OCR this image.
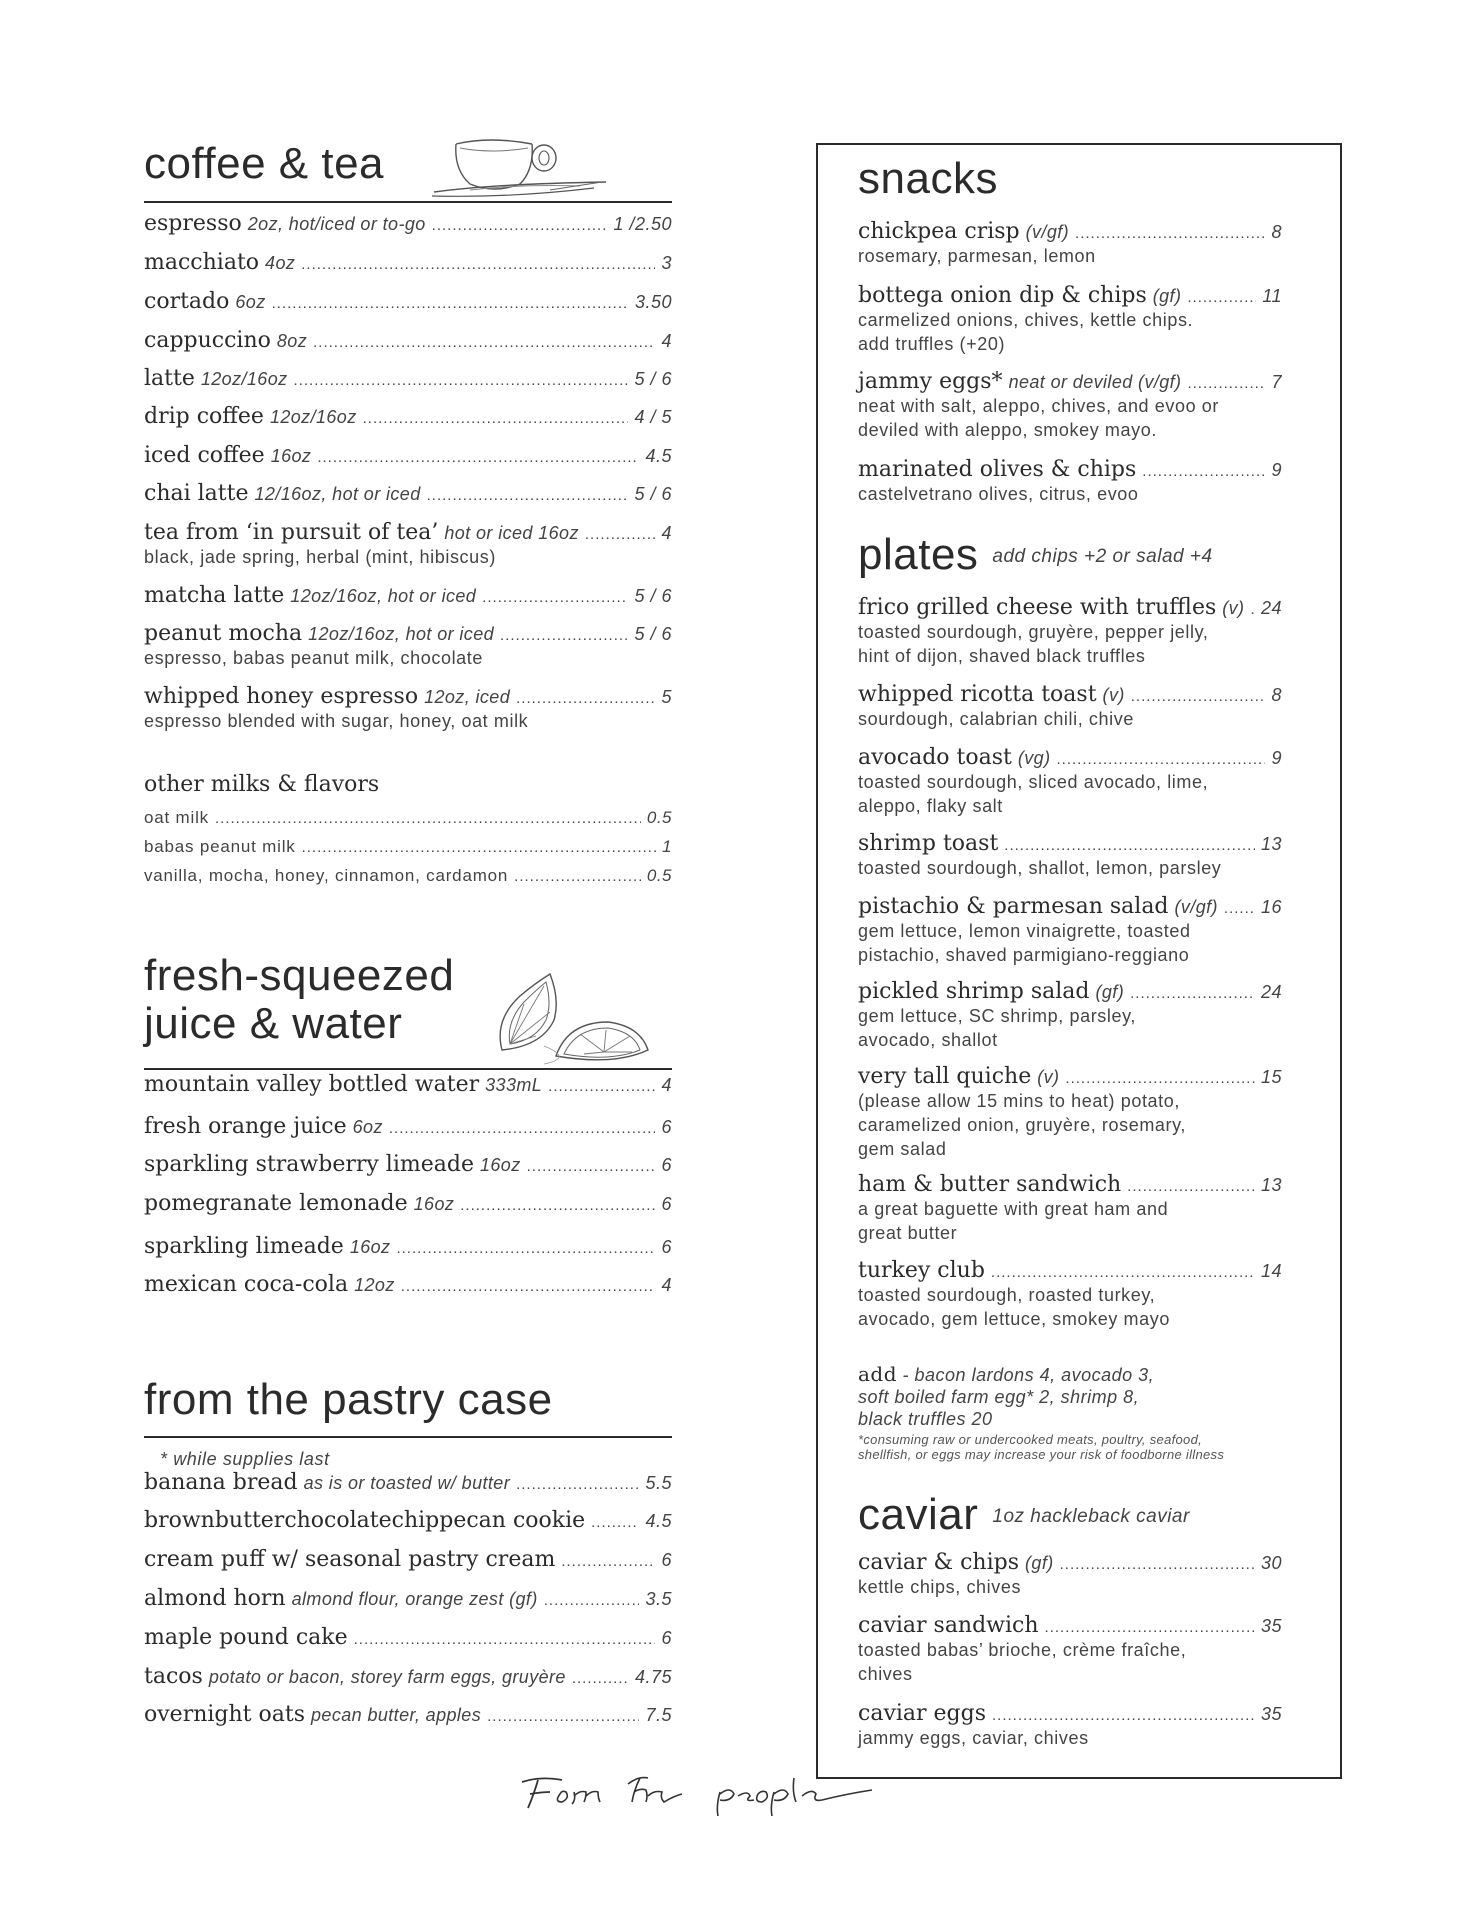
coffee & tea
espresso 2oz, hot/iced or to-go .....	1 /2.50
macchiato 4oz .....	3
cortado 6oz .....	3.50
cappuccino 8oz .....	4
latte 12oz/16oz .....	5 / 6
drip coffee 12oz/16oz .....	4 / 5
iced coffee 16oz .....	4.5
chai latte 12/16oz, hot or iced .....	5 / 6
tea from ‘in pursuit of tea’ hot or iced 16oz .....	4
black, jade spring, herbal (mint, hibiscus)
matcha latte 12oz/16oz, hot or iced .....	5 / 6
peanut mocha 12oz/16oz, hot or iced .....	5 / 6
espresso, babas peanut milk, chocolate
whipped honey espresso 12oz, iced .....	5
espresso blended with sugar, honey, oat milk
other milks & flavors
oat milk .....	0.5
babas peanut milk .....	1
vanilla, mocha, honey, cinnamon, cardamon .....	0.5
fresh-squeezed
juice & water
mountain valley bottled water 333mL .....	4
fresh orange juice 6oz .....	6
sparkling strawberry limeade 16oz .....	6
pomegranate lemonade 16oz .....	6
sparkling limeade 16oz .....	6
mexican coca-cola 12oz .....	4
from the pastry case
* while supplies last
banana bread as is or toasted w/ butter .....	5.5
brownbutterchocolatechippecan cookie .....	4.5
cream puff w/ seasonal pastry cream .....	6
almond horn almond flour, orange zest (gf) .....	3.5
maple pound cake .....	6
tacos potato or bacon, storey farm eggs, gruyère .....	4.75
overnight oats pecan butter, apples .....	7.5
snacks
chickpea crisp (v/gf) .....	8
rosemary, parmesan, lemon
bottega onion dip & chips (gf) .....	11
carmelized onions, chives, kettle chips.
add truffles (+20)
jammy eggs* neat or deviled (v/gf) .....	7
neat with salt, aleppo, chives, and evoo or
deviled with aleppo, smokey mayo.
marinated olives & chips .....	9
castelvetrano olives, citrus, evoo
plates add chips +2 or salad +4
frico grilled cheese with truffles (v) ..... 24
toasted sourdough, gruyère, pepper jelly,
hint of dijon, shaved black truffles
whipped ricotta toast (v) .....	8
sourdough, calabrian chili, chive
avocado toast (vg) .....	9
toasted sourdough, sliced avocado, lime,
aleppo, flaky salt
shrimp toast .....	13
toasted sourdough, shallot, lemon, parsley
pistachio & parmesan salad (v/gf) ..... 16
gem lettuce, lemon vinaigrette, toasted
pistachio, shaved parmigiano-reggiano
pickled shrimp salad (gf) .....	24
gem lettuce, SC shrimp, parsley,
avocado, shallot
very tall quiche (v) .....	15
(please allow 15 mins to heat) potato,
caramelized onion, gruyère, rosemary,
gem salad
ham & butter sandwich .....	13
a great baguette with great ham and
great butter
turkey club .....	14
toasted sourdough, roasted turkey,
avocado, gem lettuce, smokey mayo
add - bacon lardons 4, avocado 3,
soft boiled farm egg* 2, shrimp 8,
black truffles 20
*consuming raw or undercooked meats, poultry, seafood,
shellfish, or eggs may increase your risk of foodborne illness
caviar 1oz hackleback caviar
caviar & chips (gf) .....	30
kettle chips, chives
caviar sandwich .....	35
toasted babas’ brioche, crème fraîche,
chives
caviar eggs .....	35
jammy eggs, caviar, chives
